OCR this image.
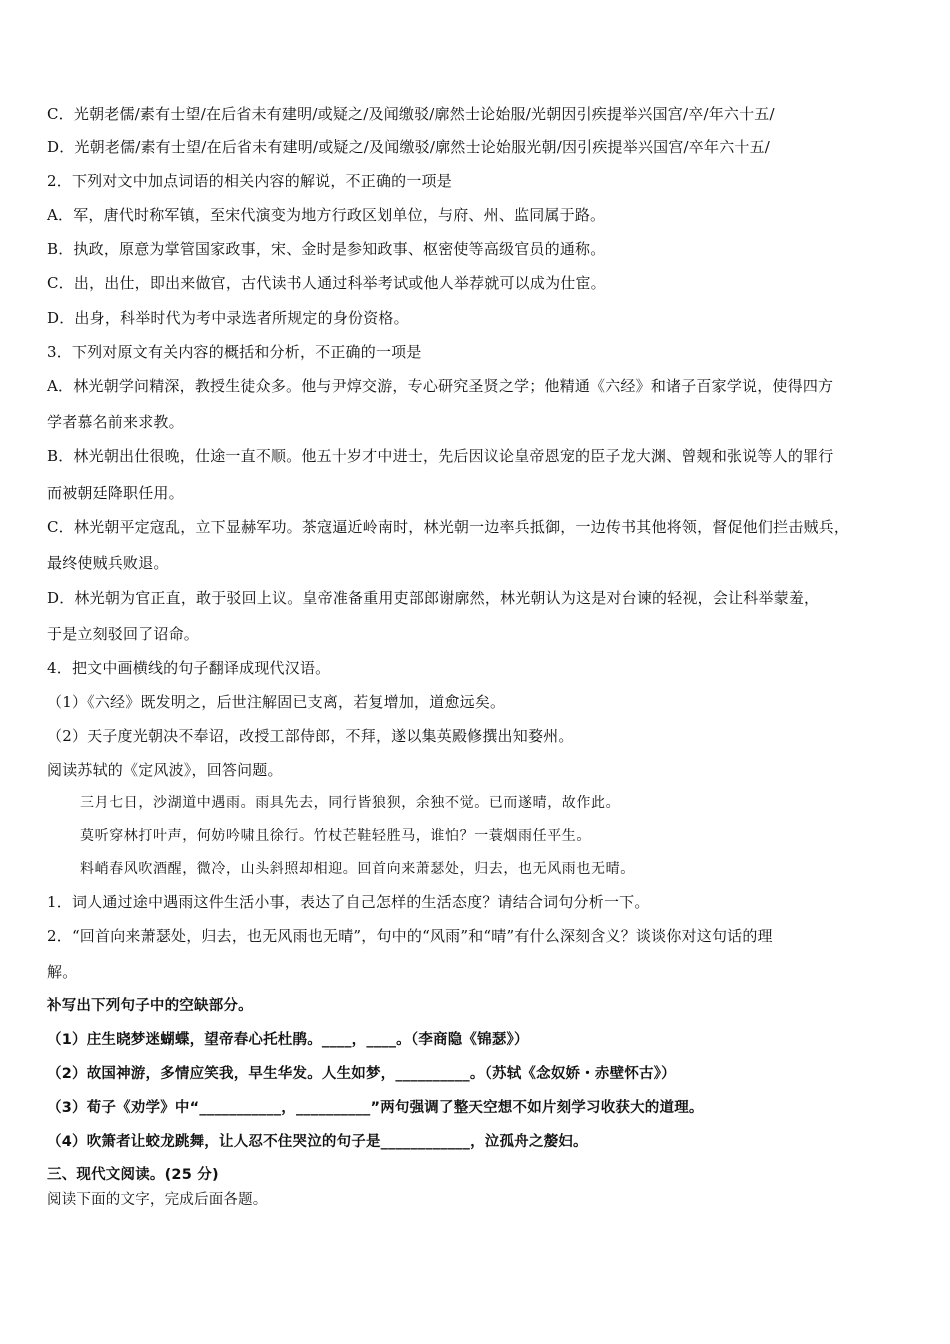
C．光朝老儒/素有士望/在后省未有建明/或疑之/及闻缴驳/廓然士论始服/光朝因引疾提举兴国宫/卒/年六十五/
D．光朝老儒/素有士望/在后省未有建明/或疑之/及闻缴驳/廓然士论始服光朝/因引疾提举兴国宫/卒年六十五/
2．下列对文中加点词语的相关内容的解说，不正确的一项是
A．军，唐代时称军镇，至宋代演变为地方行政区划单位，与府、州、监同属于路。
B．执政，原意为掌管国家政事，宋、金时是参知政事、枢密使等高级官员的通称。
C．出，出仕，即出来做官，古代读书人通过科举考试或他人举荐就可以成为仕宦。
D．出身，科举时代为考中录选者所规定的身份资格。
3．下列对原文有关内容的概括和分析，不正确的一项是
A．林光朝学问精深，教授生徒众多。他与尹焞交游，专心研究圣贤之学；他精通《六经》和诸子百家学说，使得四方
学者慕名前来求教。
B．林光朝出仕很晚，仕途一直不顺。他五十岁才中进士，先后因议论皇帝恩宠的臣子龙大渊、曾觌和张说等人的罪行
而被朝廷降职任用。
C．林光朝平定寇乱，立下显赫军功。茶寇逼近岭南时，林光朝一边率兵抵御，一边传书其他将领，督促他们拦击贼兵，
最终使贼兵败退。
D．林光朝为官正直，敢于驳回上议。皇帝准备重用吏部郎谢廓然，林光朝认为这是对台谏的轻视，会让科举蒙羞，
于是立刻驳回了诏命。
4．把文中画横线的句子翻译成现代汉语。
（1）《六经》既发明之，后世注解固已支离，若复增加，道愈远矣。
（2）天子度光朝决不奉诏，改授工部侍郎，不拜，遂以集英殿修撰出知婺州。
阅读苏轼的《定风波》，回答问题。
三月七日，沙湖道中遇雨。雨具先去，同行皆狼狈，余独不觉。已而遂晴，故作此。
莫听穿林打叶声，何妨吟啸且徐行。竹杖芒鞋轻胜马，谁怕？一蓑烟雨任平生。
料峭春风吹酒醒，微冷，山头斜照却相迎。回首向来萧瑟处，归去，也无风雨也无晴。
1．词人通过途中遇雨这件生活小事，表达了自己怎样的生活态度？请结合词句分析一下。
2．“回首向来萧瑟处，归去，也无风雨也无晴”，句中的“风雨”和“晴”有什么深刻含义？谈谈你对这句话的理
解。
补写出下列句子中的空缺部分。
（1）庄生晓梦迷蝴蝶，望帝春心托杜鹃。____，____。（李商隐《锦瑟》）
（2）故国神游，多情应笑我，早生华发。人生如梦，__________。（苏轼《念奴娇・赤壁怀古》）
（3）荀子《劝学》中“___________，__________”两句强调了整天空想不如片刻学习收获大的道理。
（4）吹箫者让蛟龙跳舞，让人忍不住哭泣的句子是____________，泣孤舟之嫠妇。
三、现代文阅读。(25 分)
阅读下面的文字，完成后面各题。
